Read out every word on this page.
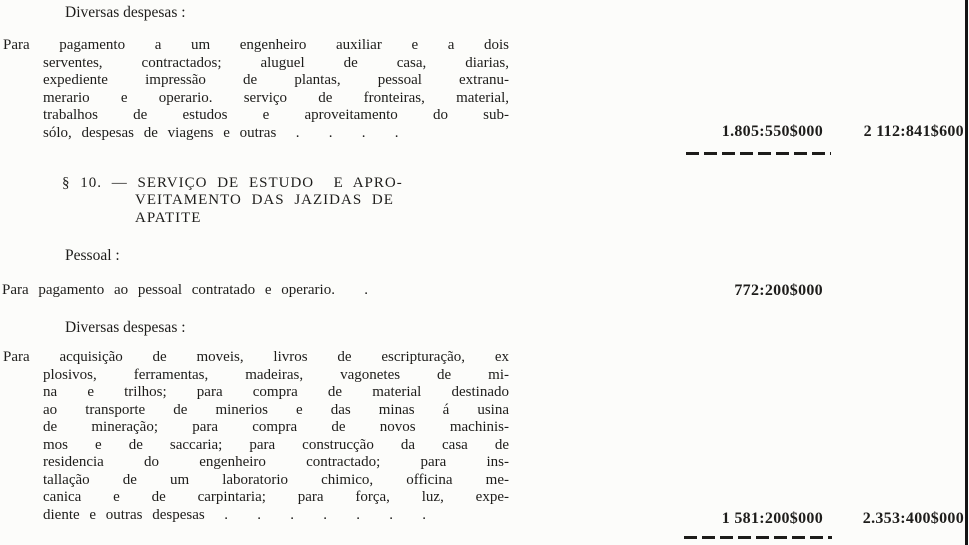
Diversas despesas :
Para pagamento a um engenheiro auxiliar e a dois
serventes, contractados; aluguel de casa, diarias,
expediente impressão de plantas, pessoal extranu-
merario e operario. serviço de fronteiras, material,
trabalhos de estudos e aproveitamento do sub-
sólo, despesas de viagens e outras  .   .   .   .	1.805:550$000	2 112:841$600
§ 10. — SERVIÇO DE ESTUDO  E APRO-
VEITAMENTO DAS JAZIDAS DE
APATITE
Pessoal :
Para pagamento ao pessoal contratado e operario.   .	772:200$000
Diversas despesas :
Para acquisição de moveis, livros de escripturação, ex
plosivos, ferramentas, madeiras, vagonetes de mi-
na e trilhos; para compra de material destinado
ao transporte de minerios e das minas á usina
de mineração; para compra de novos machinis-
mos e de saccaria; para construcção da casa de
residencia do engenheiro contractado; para ins-
tallação de um laboratorio chimico, officina me-
canica e de carpintaria; para força, luz, expe-
diente e outras despesas  .   .   .   .   .   .   .	1 581:200$000	2.353:400$000
